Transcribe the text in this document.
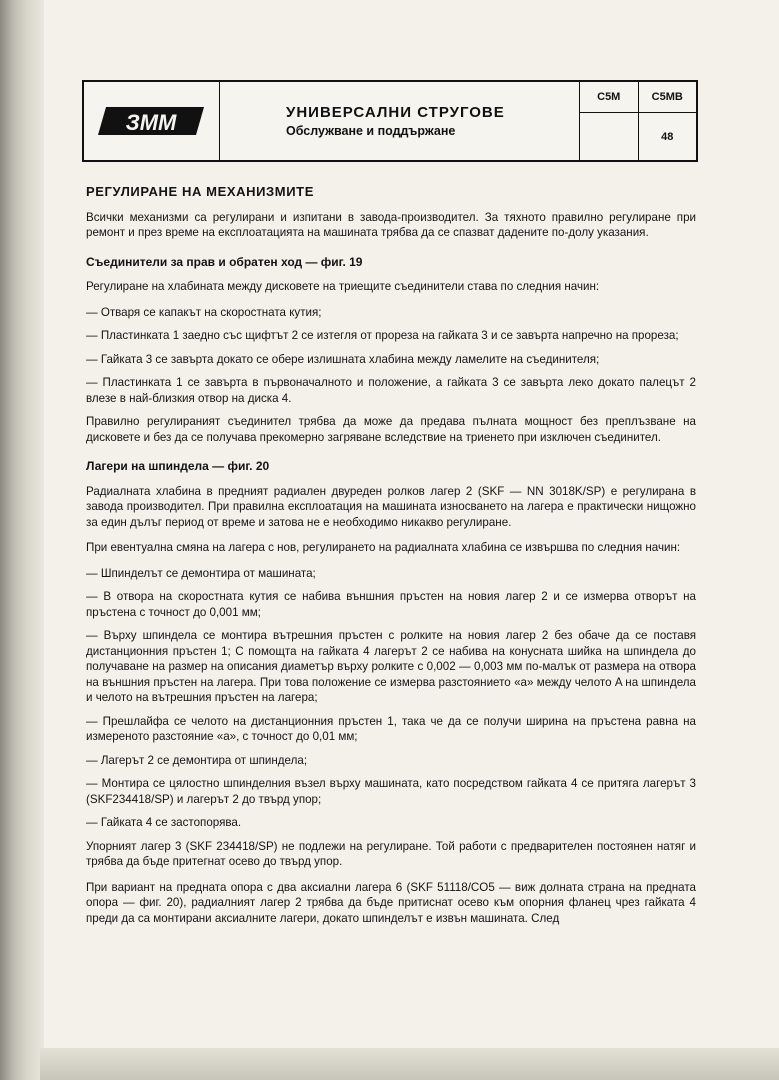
ЗММ	УНИВЕРСАЛНИ СТРУГОВЕ
Обслужване и поддържане
C5M	C5MB
48
РЕГУЛИРАНЕ НА МЕХАНИЗМИТЕ

Всички механизми са регулирани и изпитани в завода-производител. За тяхното правилно регулиране при ремонт и през време на експлоатацията на машината трябва да се спазват дадените по-долу указания.

Съединители за прав и обратен ход — фиг. 19

Регулиране на хлабината между дисковете на триещите съединители става по следния начин:

— Отваря се капакът на скоростната кутия;

— Пластинката 1 заедно със щифтът 2 се изтегля от прореза на гайката 3 и се завърта напречно на прореза;

— Гайката 3 се завърта докато се обере излишната хлабина между ламелите на съединителя;

— Пластинката 1 се завърта в първоначалното и положение, а гайката 3 се завърта леко докато палецът 2 влезе в най-близкия отвор на диска 4.

Правилно регулираният съединител трябва да може да предава пълната мощност без преплъзване на дисковете и без да се получава прекомерно загряване вследствие на триенето при изключен съединител.

Лагери на шпиндела — фиг. 20

Радиалната хлабина в предният радиален двуреден ролков лагер 2 (SKF — NN 3018K/SP) е регулирана в завода производител. При правилна експлоатация на машината износването на лагера е практически нищожно за един дълъг период от време и затова не е необходимо никакво регулиране.

При евентуална смяна на лагера с нов, регулирането на радиалната хлабина се извършва по следния начин:

— Шпинделът се демонтира от машината;

— В отвора на скоростната кутия се набива външния пръстен на новия лагер 2 и се измерва отворът на пръстена с точност до 0,001 мм;

— Върху шпиндела се монтира вътрешния пръстен с ролките на новия лагер 2 без обаче да се поставя дистанционния пръстен 1; С помощта на гайката 4 лагерът 2 се набива на конусната шийка на шпиндела до получаване на размер на описания диаметър върху ролките с 0,002 — 0,003 мм по-малък от размера на отвора на външния пръстен на лагера. При това положение се измерва разстоянието «а» между челото A на шпиндела и челото на вътрешния пръстен на лагера;

— Прешлайфа се челото на дистанционния пръстен 1, така че да се получи ширина на пръстена равна на измереното разстояние «а», с точност до 0,01 мм;

— Лагерът 2 се демонтира от шпиндела;

— Монтира се цялостно шпинделния възел върху машината, като посредством гайката 4 се притяга лагерът 3 (SKF234418/SP) и лагерът 2 до твърд упор;

— Гайката 4 се застопорява.

Упорният лагер 3 (SKF 234418/SP) не подлежи на регулиране. Той работи с предварителен постоянен натяг и трябва да бъде притегнат осево до твърд упор.

При вариант на предната опора с два аксиални лагера 6 (SKF 51118/CO5 — виж долната страна на предната опора — фиг. 20), радиалният лагер 2 трябва да бъде притиснат осево към опорния фланец чрез гайката 4 преди да са монтирани аксиалните лагери, докато шпинделът е извън машината. След
